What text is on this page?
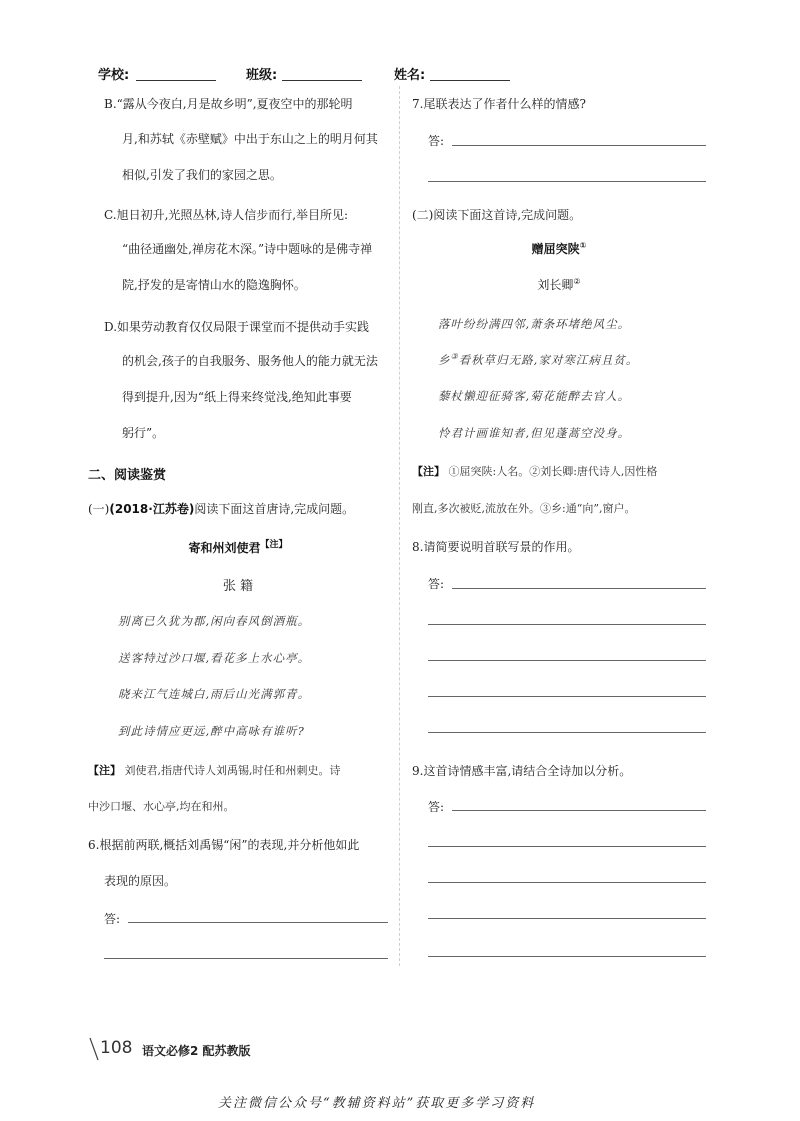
学校:	班级:	姓名:
B.“露从今夜白,月是故乡明”,夏夜空中的那轮明
月,和苏轼《赤壁赋》中出于东山之上的明月何其
相似,引发了我们的家园之思。
C.旭日初升,光照丛林,诗人信步而行,举目所见:
“曲径通幽处,禅房花木深。”诗中题咏的是佛寺禅
院,抒发的是寄情山水的隐逸胸怀。
D.如果劳动教育仅仅局限于课堂而不提供动手实践
的机会,孩子的自我服务、服务他人的能力就无法
得到提升,因为“纸上得来终觉浅,绝知此事要
躬行”。
二、阅读鉴赏
(一)(2018·江苏卷)阅读下面这首唐诗,完成问题。
寄和州刘使君$^{【注】}$
张 籍
别离已久犹为郡,闲向春风倒酒瓶。
送客特过沙口堰,看花多上水心亭。
晓来江气连城白,雨后山光满郭青。
到此诗情应更远,醉中高咏有谁听?
【注】 刘使君,指唐代诗人刘禹锡,时任和州刺史。诗
中沙口堰、水心亭,均在和州。
6.根据前两联,概括刘禹锡“闲”的表现,并分析他如此
表现的原因。
答:
7.尾联表达了作者什么样的情感?
答:
(二)阅读下面这首诗,完成问题。
赠屈突陕①
刘长卿②
落叶纷纷满四邻,萧条环堵绝风尘。
乡③看秋草归无路,家对寒江病且贫。
藜杖懒迎征骑客,菊花能醉去官人。
怜君计画谁知者,但见蓬蒿空没身。
【注】 ①屈突陕:人名。②刘长卿:唐代诗人,因性格
刚直,多次被贬,流放在外。③乡:通“向”,窗户。
8.请简要说明首联写景的作用。
答:
9.这首诗情感丰富,请结合全诗加以分析。
答:
108 语文必修2 配苏教版
关注微信公众号“教辅资料站”获取更多学习资料
